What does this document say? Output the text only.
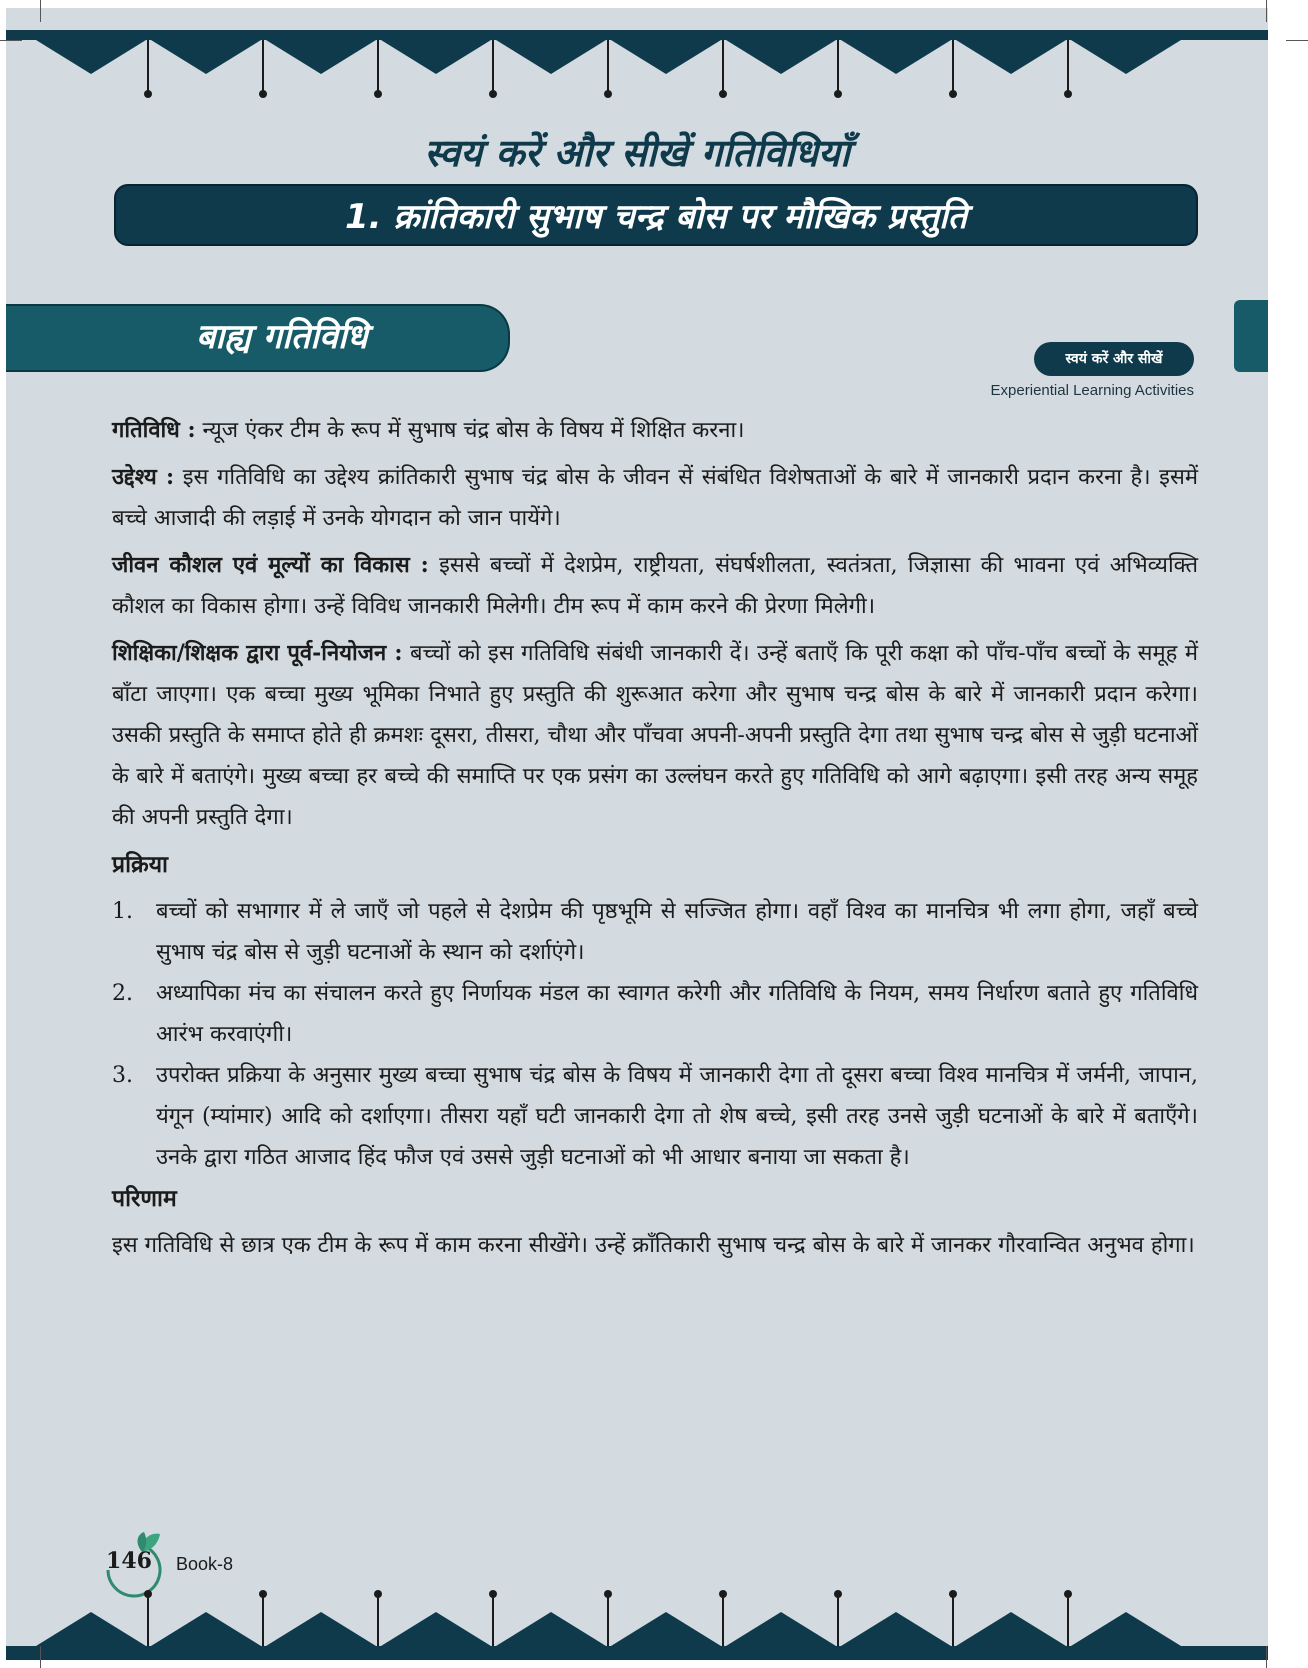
स्वयं करें और सीखें गतिविधियाँ
1. क्रांतिकारी सुभाष चन्द्र बोस पर मौखिक प्रस्तुति
बाह्य गतिविधि
स्वयं करें और सीखें
Experiential Learning Activities

गतिविधि : न्यूज एंकर टीम के रूप में सुभाष चंद्र बोस के विषय में शिक्षित करना।

उद्देश्य : इस गतिविधि का उद्देश्य क्रांतिकारी सुभाष चंद्र बोस के जीवन सें संबंधित विशेषताओं के बारे में जानकारी प्रदान करना है। इसमें बच्चे आजादी की लड़ाई में उनके योगदान को जान पायेंगे।

जीवन कौशल एवं मूल्यों का विकास : इससे बच्चों में देशप्रेम, राष्ट्रीयता, संघर्षशीलता, स्वतंत्रता, जिज्ञासा की भावना एवं अभिव्यक्ति कौशल का विकास होगा। उन्हें विविध जानकारी मिलेगी। टीम रूप में काम करने की प्रेरणा मिलेगी।

शिक्षिका/शिक्षक द्वारा पूर्व-नियोजन : बच्चों को इस गतिविधि संबंधी जानकारी दें। उन्हें बताएँ कि पूरी कक्षा को पाँच-पाँच बच्चों के समूह में बाँटा जाएगा। एक बच्चा मुख्य भूमिका निभाते हुए प्रस्तुति की शुरूआत करेगा और सुभाष चन्द्र बोस के बारे में जानकारी प्रदान करेगा। उसकी प्रस्तुति के समाप्त होते ही क्रमशः दूसरा, तीसरा, चौथा और पाँचवा अपनी-अपनी प्रस्तुति देगा तथा सुभाष चन्द्र बोस से जुड़ी घटनाओं के बारे में बताएंगे। मुख्य बच्चा हर बच्चे की समाप्ति पर एक प्रसंग का उल्लंघन करते हुए गतिविधि को आगे बढ़ाएगा। इसी तरह अन्य समूह की अपनी प्रस्तुति देगा।

प्रक्रिया

1. बच्चों को सभागार में ले जाएँ जो पहले से देशप्रेम की पृष्ठभूमि से सज्जित होगा। वहाँ विश्व का मानचित्र भी लगा होगा, जहाँ बच्चे सुभाष चंद्र बोस से जुड़ी घटनाओं के स्थान को दर्शाएंगे।
2. अध्यापिका मंच का संचालन करते हुए निर्णायक मंडल का स्वागत करेगी और गतिविधि के नियम, समय निर्धारण बताते हुए गतिविधि आरंभ करवाएंगी।
3. उपरोक्त प्रक्रिया के अनुसार मुख्य बच्चा सुभाष चंद्र बोस के विषय में जानकारी देगा तो दूसरा बच्चा विश्व मानचित्र में जर्मनी, जापान, यंगून (म्यांमार) आदि को दर्शाएगा। तीसरा यहाँ घटी जानकारी देगा तो शेष बच्चे, इसी तरह उनसे जुड़ी घटनाओं के बारे में बताएँगे। उनके द्वारा गठित आजाद हिंद फौज एवं उससे जुड़ी घटनाओं को भी आधार बनाया जा सकता है।

परिणाम

इस गतिविधि से छात्र एक टीम के रूप में काम करना सीखेंगे। उन्हें क्राँतिकारी सुभाष चन्द्र बोस के बारे में जानकर गौरवान्वित अनुभव होगा।

146	Book-8
